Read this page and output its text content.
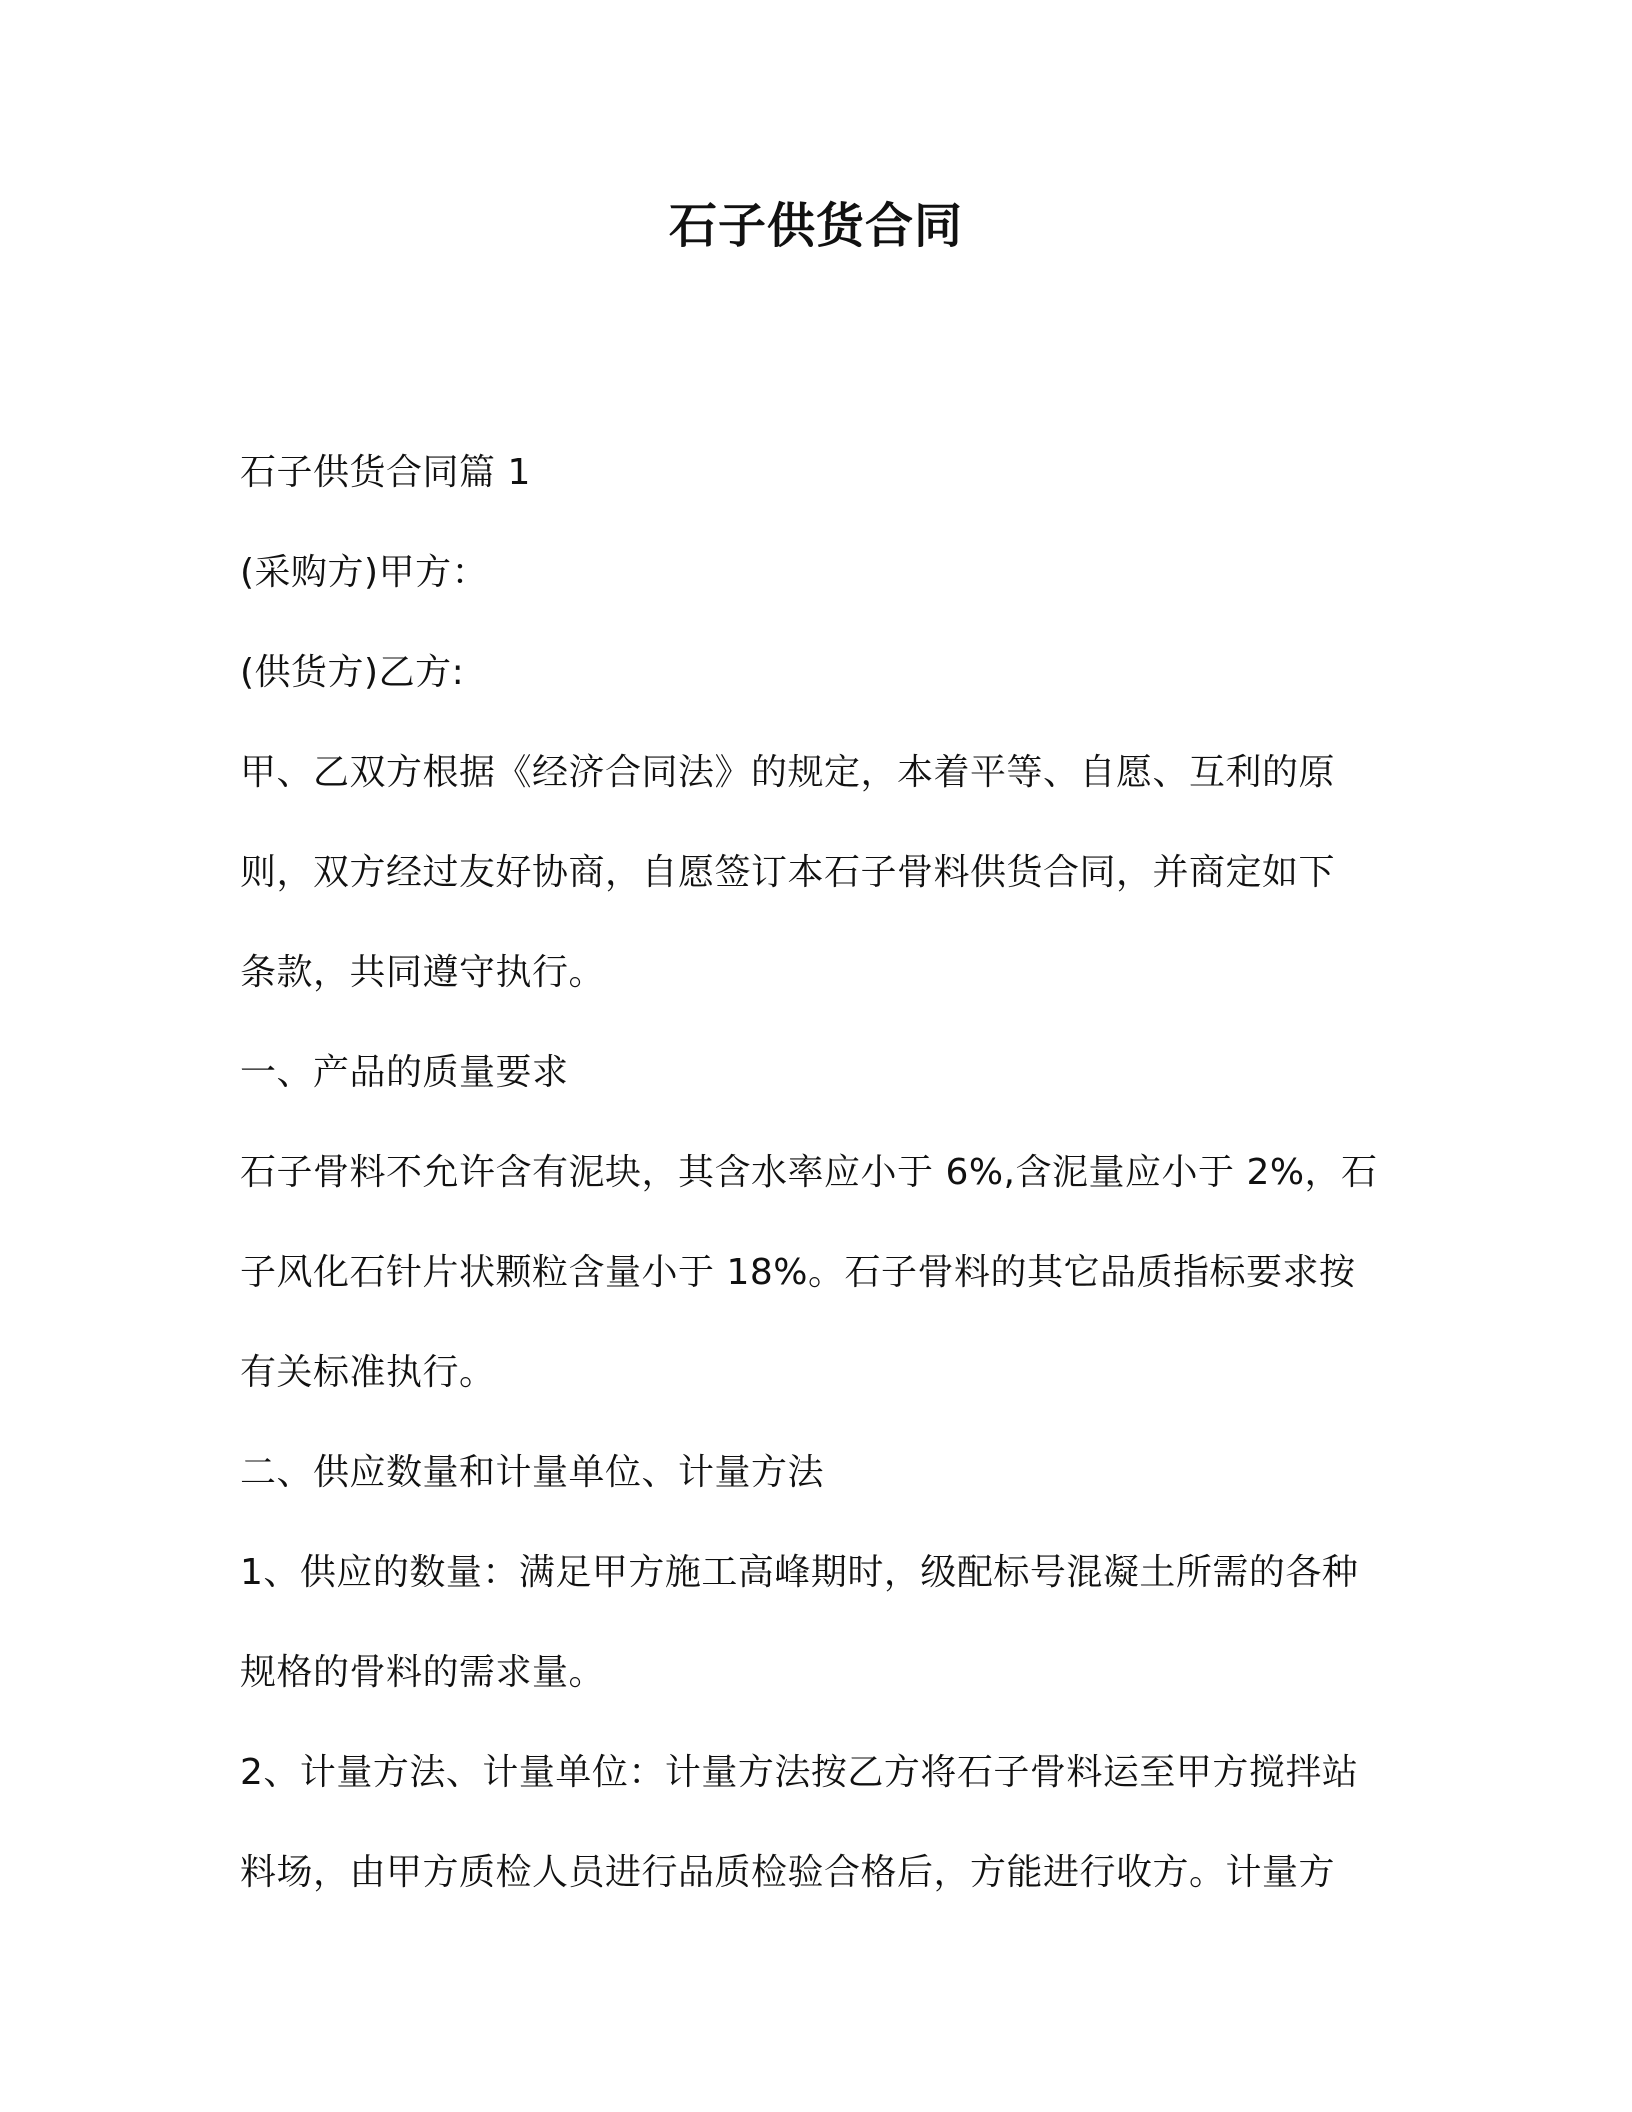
石子供货合同
石子供货合同篇 1
(采购方)甲方：
(供货方)乙方:
甲、乙双方根据《经济合同法》的规定，本着平等、自愿、互利的原
则，双方经过友好协商，自愿签订本石子骨料供货合同，并商定如下
条款，共同遵守执行。
一、产品的质量要求
石子骨料不允许含有泥块，其含水率应小于 6%,含泥量应小于 2%，石
子风化石针片状颗粒含量小于 18%。石子骨料的其它品质指标要求按
有关标准执行。
二、供应数量和计量单位、计量方法
1、供应的数量：满足甲方施工高峰期时，级配标号混凝土所需的各种
规格的骨料的需求量。
2、计量方法、计量单位：计量方法按乙方将石子骨料运至甲方搅拌站
料场，由甲方质检人员进行品质检验合格后，方能进行收方。计量方
